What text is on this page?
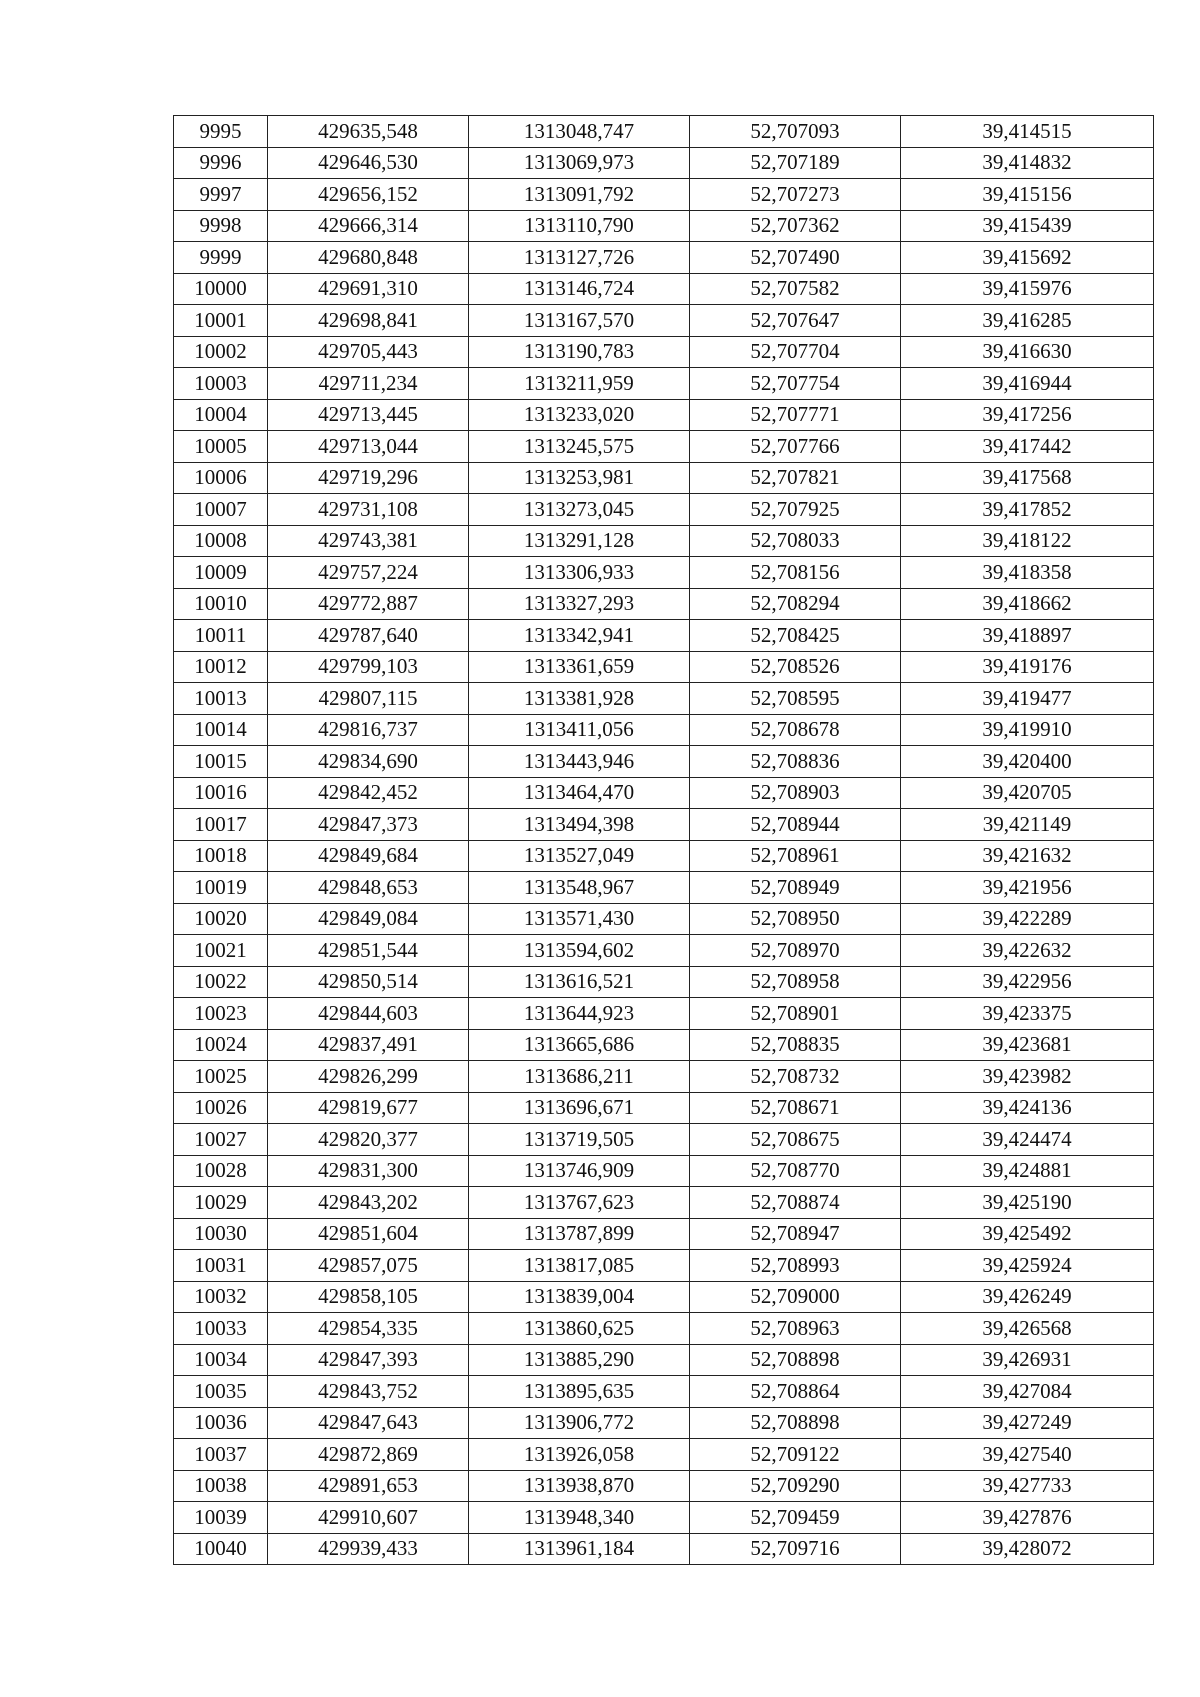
9995	429635,548	1313048,747	52,707093	39,414515
9996	429646,530	1313069,973	52,707189	39,414832
9997	429656,152	1313091,792	52,707273	39,415156
9998	429666,314	1313110,790	52,707362	39,415439
9999	429680,848	1313127,726	52,707490	39,415692
10000	429691,310	1313146,724	52,707582	39,415976
10001	429698,841	1313167,570	52,707647	39,416285
10002	429705,443	1313190,783	52,707704	39,416630
10003	429711,234	1313211,959	52,707754	39,416944
10004	429713,445	1313233,020	52,707771	39,417256
10005	429713,044	1313245,575	52,707766	39,417442
10006	429719,296	1313253,981	52,707821	39,417568
10007	429731,108	1313273,045	52,707925	39,417852
10008	429743,381	1313291,128	52,708033	39,418122
10009	429757,224	1313306,933	52,708156	39,418358
10010	429772,887	1313327,293	52,708294	39,418662
10011	429787,640	1313342,941	52,708425	39,418897
10012	429799,103	1313361,659	52,708526	39,419176
10013	429807,115	1313381,928	52,708595	39,419477
10014	429816,737	1313411,056	52,708678	39,419910
10015	429834,690	1313443,946	52,708836	39,420400
10016	429842,452	1313464,470	52,708903	39,420705
10017	429847,373	1313494,398	52,708944	39,421149
10018	429849,684	1313527,049	52,708961	39,421632
10019	429848,653	1313548,967	52,708949	39,421956
10020	429849,084	1313571,430	52,708950	39,422289
10021	429851,544	1313594,602	52,708970	39,422632
10022	429850,514	1313616,521	52,708958	39,422956
10023	429844,603	1313644,923	52,708901	39,423375
10024	429837,491	1313665,686	52,708835	39,423681
10025	429826,299	1313686,211	52,708732	39,423982
10026	429819,677	1313696,671	52,708671	39,424136
10027	429820,377	1313719,505	52,708675	39,424474
10028	429831,300	1313746,909	52,708770	39,424881
10029	429843,202	1313767,623	52,708874	39,425190
10030	429851,604	1313787,899	52,708947	39,425492
10031	429857,075	1313817,085	52,708993	39,425924
10032	429858,105	1313839,004	52,709000	39,426249
10033	429854,335	1313860,625	52,708963	39,426568
10034	429847,393	1313885,290	52,708898	39,426931
10035	429843,752	1313895,635	52,708864	39,427084
10036	429847,643	1313906,772	52,708898	39,427249
10037	429872,869	1313926,058	52,709122	39,427540
10038	429891,653	1313938,870	52,709290	39,427733
10039	429910,607	1313948,340	52,709459	39,427876
10040	429939,433	1313961,184	52,709716	39,428072
